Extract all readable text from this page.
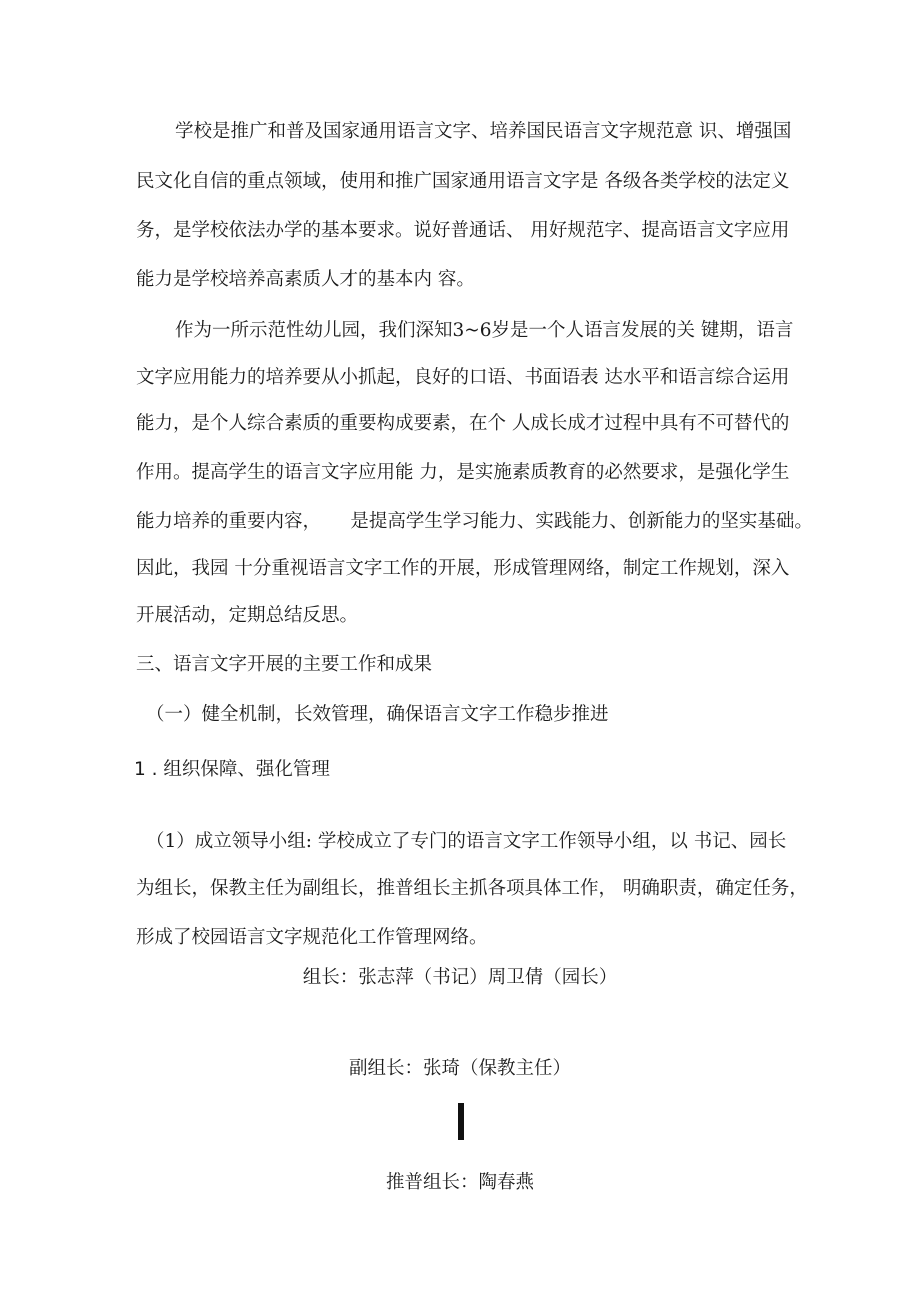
学校是推广和普及国家通用语言文字、培养国民语言文字规范意 识、增强国

民文化自信的重点领域，使用和推广国家通用语言文字是 各级各类学校的法定义

务，是学校依法办学的基本要求。说好普通话、 用好规范字、提高语言文字应用

能力是学校培养高素质人才的基本内 容。

作为一所示范性幼儿园，我们深知3~6岁是一个人语言发展的关 键期，语言

文字应用能力的培养要从小抓起，良好的口语、书面语表 达水平和语言综合运用

能力，是个人综合素质的重要构成要素，在个 人成长成才过程中具有不可替代的

作用。提高学生的语言文字应用能 力，是实施素质教育的必然要求，是强化学生

能力培养的重要内容，     是提高学生学习能力、实践能力、创新能力的坚实基础。

因此，我园 十分重视语言文字工作的开展，形成管理网络，制定工作规划，深入

开展活动，定期总结反思。

三、语言文字开展的主要工作和成果

（一）健全机制，长效管理，确保语言文字工作稳步推进

1 . 组织保障、强化管理

（1）成立领导小组: 学校成立了专门的语言文字工作领导小组，以 书记、园长

为组长，保教主任为副组长，推普组长主抓各项具体工作， 明确职责，确定任务，

形成了校园语言文字规范化工作管理网络。

组长：张志萍（书记）周卫倩（园长）

副组长：张琦（保教主任）

推普组长：陶春燕
